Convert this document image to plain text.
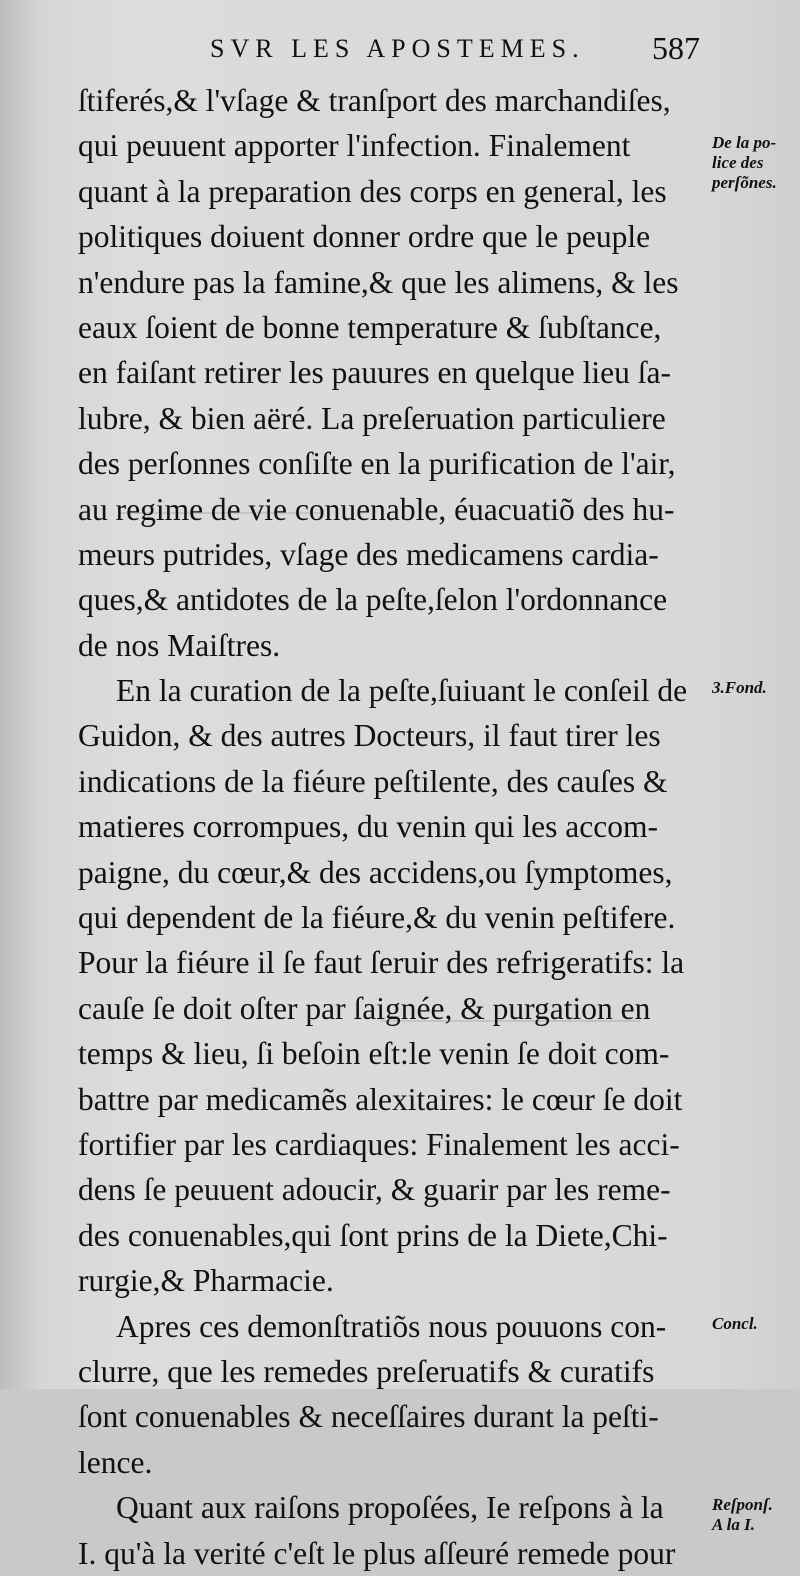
SVR LES APOSTEMES. 587
ſtiferés,& l'vſage & tranſport des marchandiſes,
qui peuuent apporter l'infection. Finalement
quant à la preparation des corps en general, les
politiques doiuent donner ordre que le peuple
n'endure pas la famine,& que les alimens, & les
eaux ſoient de bonne temperature & ſubſtance,
en faiſant retirer les pauures en quelque lieu ſa-
lubre, & bien aëré. La preſeruation particuliere
des perſonnes conſiſte en la purification de l'air,
au regime de vie conuenable, éuacuatiõ des hu-
meurs putrides, vſage des medicamens cardia-
ques,& antidotes de la peſte,ſelon l'ordonnance
de nos Maiſtres.
En la curation de la peſte,ſuiuant le conſeil de
Guidon, & des autres Docteurs, il faut tirer les
indications de la fiéure peſtilente, des cauſes &
matieres corrompues, du venin qui les accom-
paigne, du cœur,& des accidens,ou ſymptomes,
qui dependent de la fiéure,& du venin peſtifere.
Pour la fiéure il ſe faut ſeruir des refrigeratifs: la
cauſe ſe doit oſter par ſaignée, & purgation en
temps & lieu, ſi beſoin eſt:le venin ſe doit com-
battre par medicamẽs alexitaires: le cœur ſe doit
fortifier par les cardiaques: Finalement les acci-
dens ſe peuuent adoucir, & guarir par les reme-
des conuenables,qui ſont prins de la Diete,Chi-
rurgie,& Pharmacie.
Apres ces demonſtratiõs nous pouuons con-
clurre, que les remedes preſeruatifs & curatifs
ſont conuenables & neceſſaires durant la peſti-
lence.
Quant aux raiſons propoſées, Ie reſpons à la
I. qu'à la verité c'eſt le plus aſſeuré remede pour
De la po-
lice des
perſõnes.
3.Fond.
Concl.
Reſponſ.
A la I.
